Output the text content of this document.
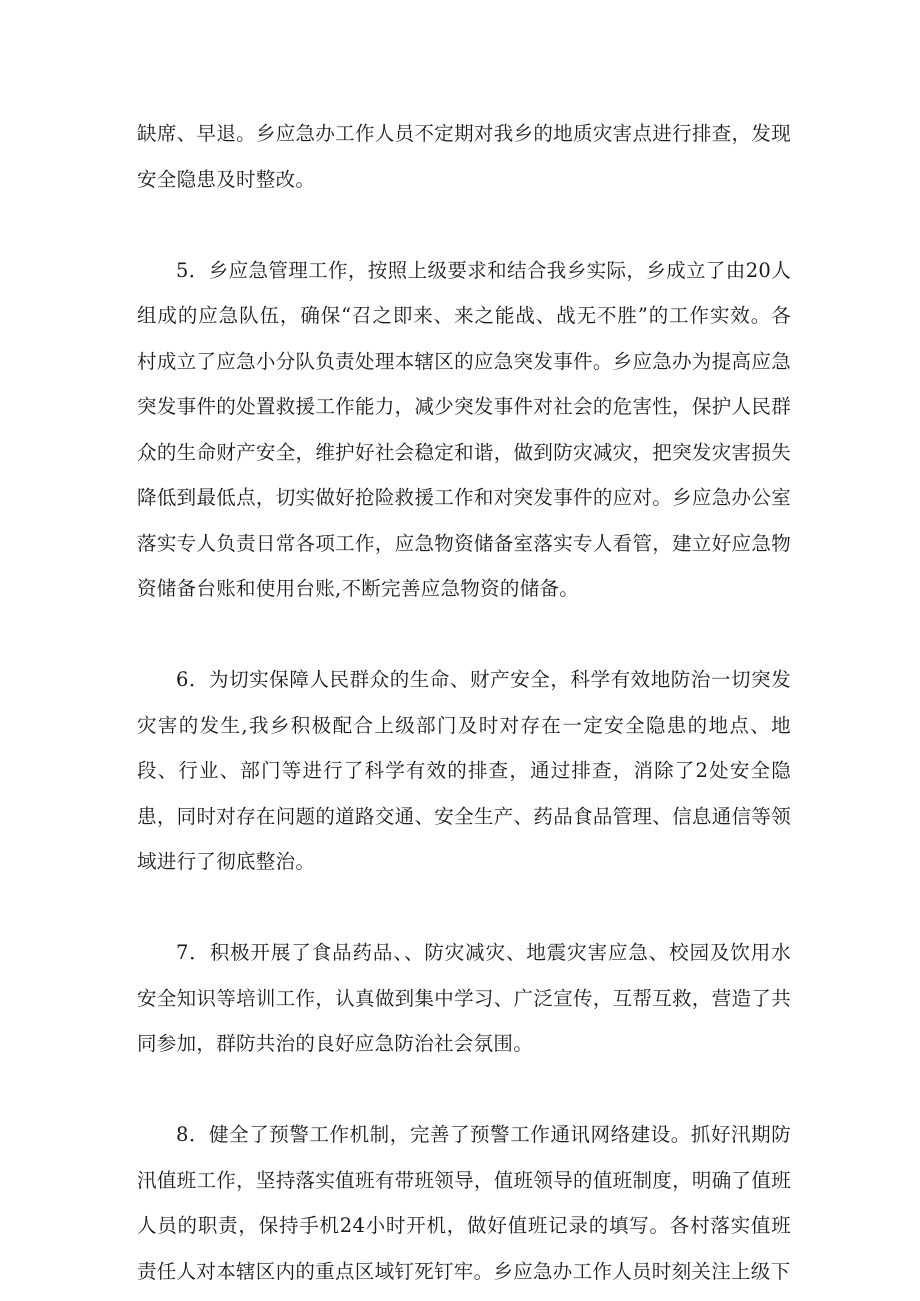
缺席、早退。乡应急办工作人员不定期对我乡的地质灾害点进行排查，发现安全隐患及时整改。

5．乡应急管理工作，按照上级要求和结合我乡实际，乡成立了由20人组成的应急队伍，确保“召之即来、来之能战、战无不胜”的工作实效。各村成立了应急小分队负责处理本辖区的应急突发事件。乡应急办为提高应急突发事件的处置救援工作能力，减少突发事件对社会的危害性，保护人民群众的生命财产安全，维护好社会稳定和谐，做到防灾减灾，把突发灾害损失降低到最低点，切实做好抢险救援工作和对突发事件的应对。乡应急办公室落实专人负责日常各项工作，应急物资储备室落实专人看管，建立好应急物资储备台账和使用台账,不断完善应急物资的储备。

6．为切实保障人民群众的生命、财产安全，科学有效地防治一切突发灾害的发生,我乡积极配合上级部门及时对存在一定安全隐患的地点、地段、行业、部门等进行了科学有效的排查，通过排查，消除了2处安全隐患，同时对存在问题的道路交通、安全生产、药品食品管理、信息通信等领域进行了彻底整治。

7．积极开展了食品药品、、防灾减灾、地震灾害应急、校园及饮用水安全知识等培训工作，认真做到集中学习、广泛宣传，互帮互救，营造了共同参加，群防共治的良好应急防治社会氛围。

8．健全了预警工作机制，完善了预警工作通讯网络建设。抓好汛期防汛值班工作，坚持落实值班有带班领导，值班领导的值班制度，明确了值班人员的职责，保持手机24小时开机，做好值班记录的填写。各村落实值班责任人对本辖区内的重点区域钉死钉牢。乡应急办工作人员时刻关注上级下
